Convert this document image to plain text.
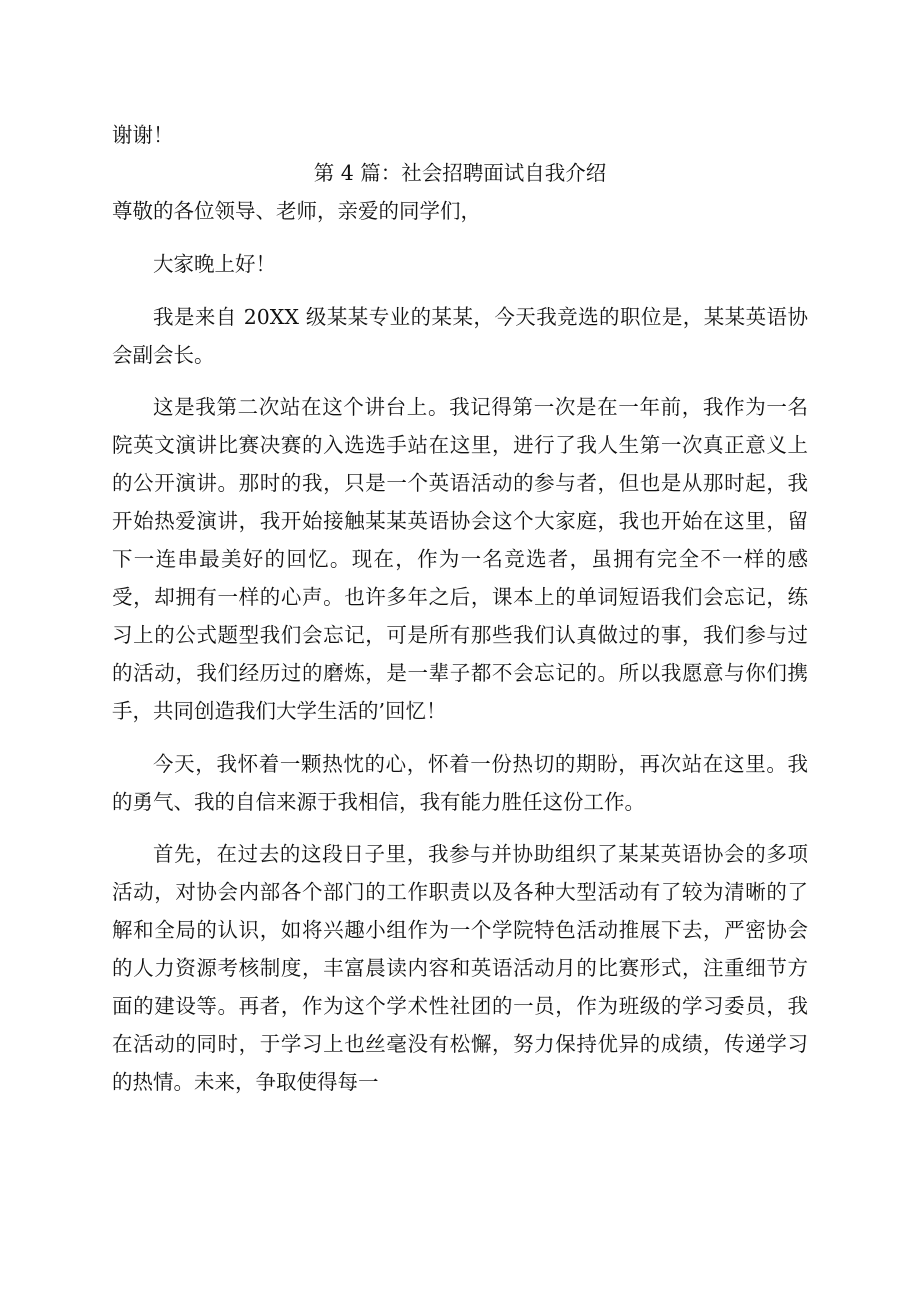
谢谢！
第 4 篇：社会招聘面试自我介绍

尊敬的各位领导、老师，亲爱的同学们，

大家晚上好！

我是来自 20XX 级某某专业的某某，今天我竞选的职位是，某某英语协会副会长。

这是我第二次站在这个讲台上。我记得第一次是在一年前，我作为一名院英文演讲比赛决赛的入选选手站在这里，进行了我人生第一次真正意义上的公开演讲。那时的我，只是一个英语活动的参与者，但也是从那时起，我开始热爱演讲，我开始接触某某英语协会这个大家庭，我也开始在这里，留下一连串最美好的回忆。现在，作为一名竞选者，虽拥有完全不一样的感受，却拥有一样的心声。也许多年之后，课本上的单词短语我们会忘记，练习上的公式题型我们会忘记，可是所有那些我们认真做过的事，我们参与过的活动，我们经历过的磨炼，是一辈子都不会忘记的。所以我愿意与你们携手，共同创造我们大学生活的’回忆！

今天，我怀着一颗热忱的心，怀着一份热切的期盼，再次站在这里。我的勇气、我的自信来源于我相信，我有能力胜任这份工作。

首先，在过去的这段日子里，我参与并协助组织了某某英语协会的多项活动，对协会内部各个部门的工作职责以及各种大型活动有了较为清晰的了解和全局的认识，如将兴趣小组作为一个学院特色活动推展下去，严密协会的人力资源考核制度，丰富晨读内容和英语活动月的比赛形式，注重细节方面的建设等。再者，作为这个学术性社团的一员，作为班级的学习委员，我在活动的同时，于学习上也丝毫没有松懈，努力保持优异的成绩，传递学习的热情。未来，争取使得每一
